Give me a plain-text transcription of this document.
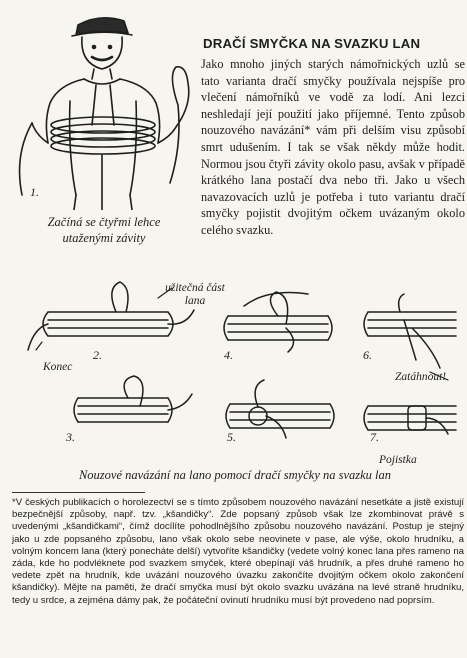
1.
Začíná se čtyřmi lehce
utaženými závity
DRAČÍ SMYČKA NA SVAZKU LAN
Jako mnoho jiných starých námořnických uzlů se tato varianta dračí smyčky používala nejspíše pro vlečení námořníků ve vodě za lodí. Ani lezci neshledají její použití jako příjemné. Tento způsob nouzového navázání* vám při delším visu způsobí smrt udušením. I tak se však někdy může hodit. Normou jsou čtyři závity okolo pasu, avšak v případě krátkého lana postačí dva nebo tři. Jako u všech navazovacích uzlů je potřeba i tuto variantu dračí smyčky pojistit dvojitým očkem uvázaným okolo celého svazku.
2.
3.
4.
5.
6.
7.
Konec
užitečná část
lana
Zatáhnout!
Pojistka
Nouzové navázání na lano pomocí dračí smyčky na svazku lan
*V českých publikacích o horolezectví se s tímto způsobem nouzového navázání nesetkáte a jistě existují bezpečnější způsoby, např. tzv. „kšandičky“. Zde popsaný způsob však lze zkombinovat právě s uvedenými „kšandičkami“, čímž docílíte pohodlnějšího způsobu nouzového navázání. Postup je stejný jako u zde popsaného způsobu, lano však okolo sebe neovinete v pase, ale výše, okolo hrudníku, a volným koncem lana (který ponecháte delší) vytvoříte kšandičky (vedete volný konec lana přes rameno na záda, kde ho podvléknete pod svazkem smyček, které obepínají váš hrudník, a přes druhé rameno ho vedete zpět na hrudník, kde uvázání nouzového úvazku zakončíte dvojitým očkem okolo zakončení kšandičky). Mějte na paměti, že dračí smyčka musí být okolo svazku uvázána na levé straně hrudníku, tedy u srdce, a zejména dámy pak, že počáteční ovinutí hrudníku musí být provedeno nad poprsím.
